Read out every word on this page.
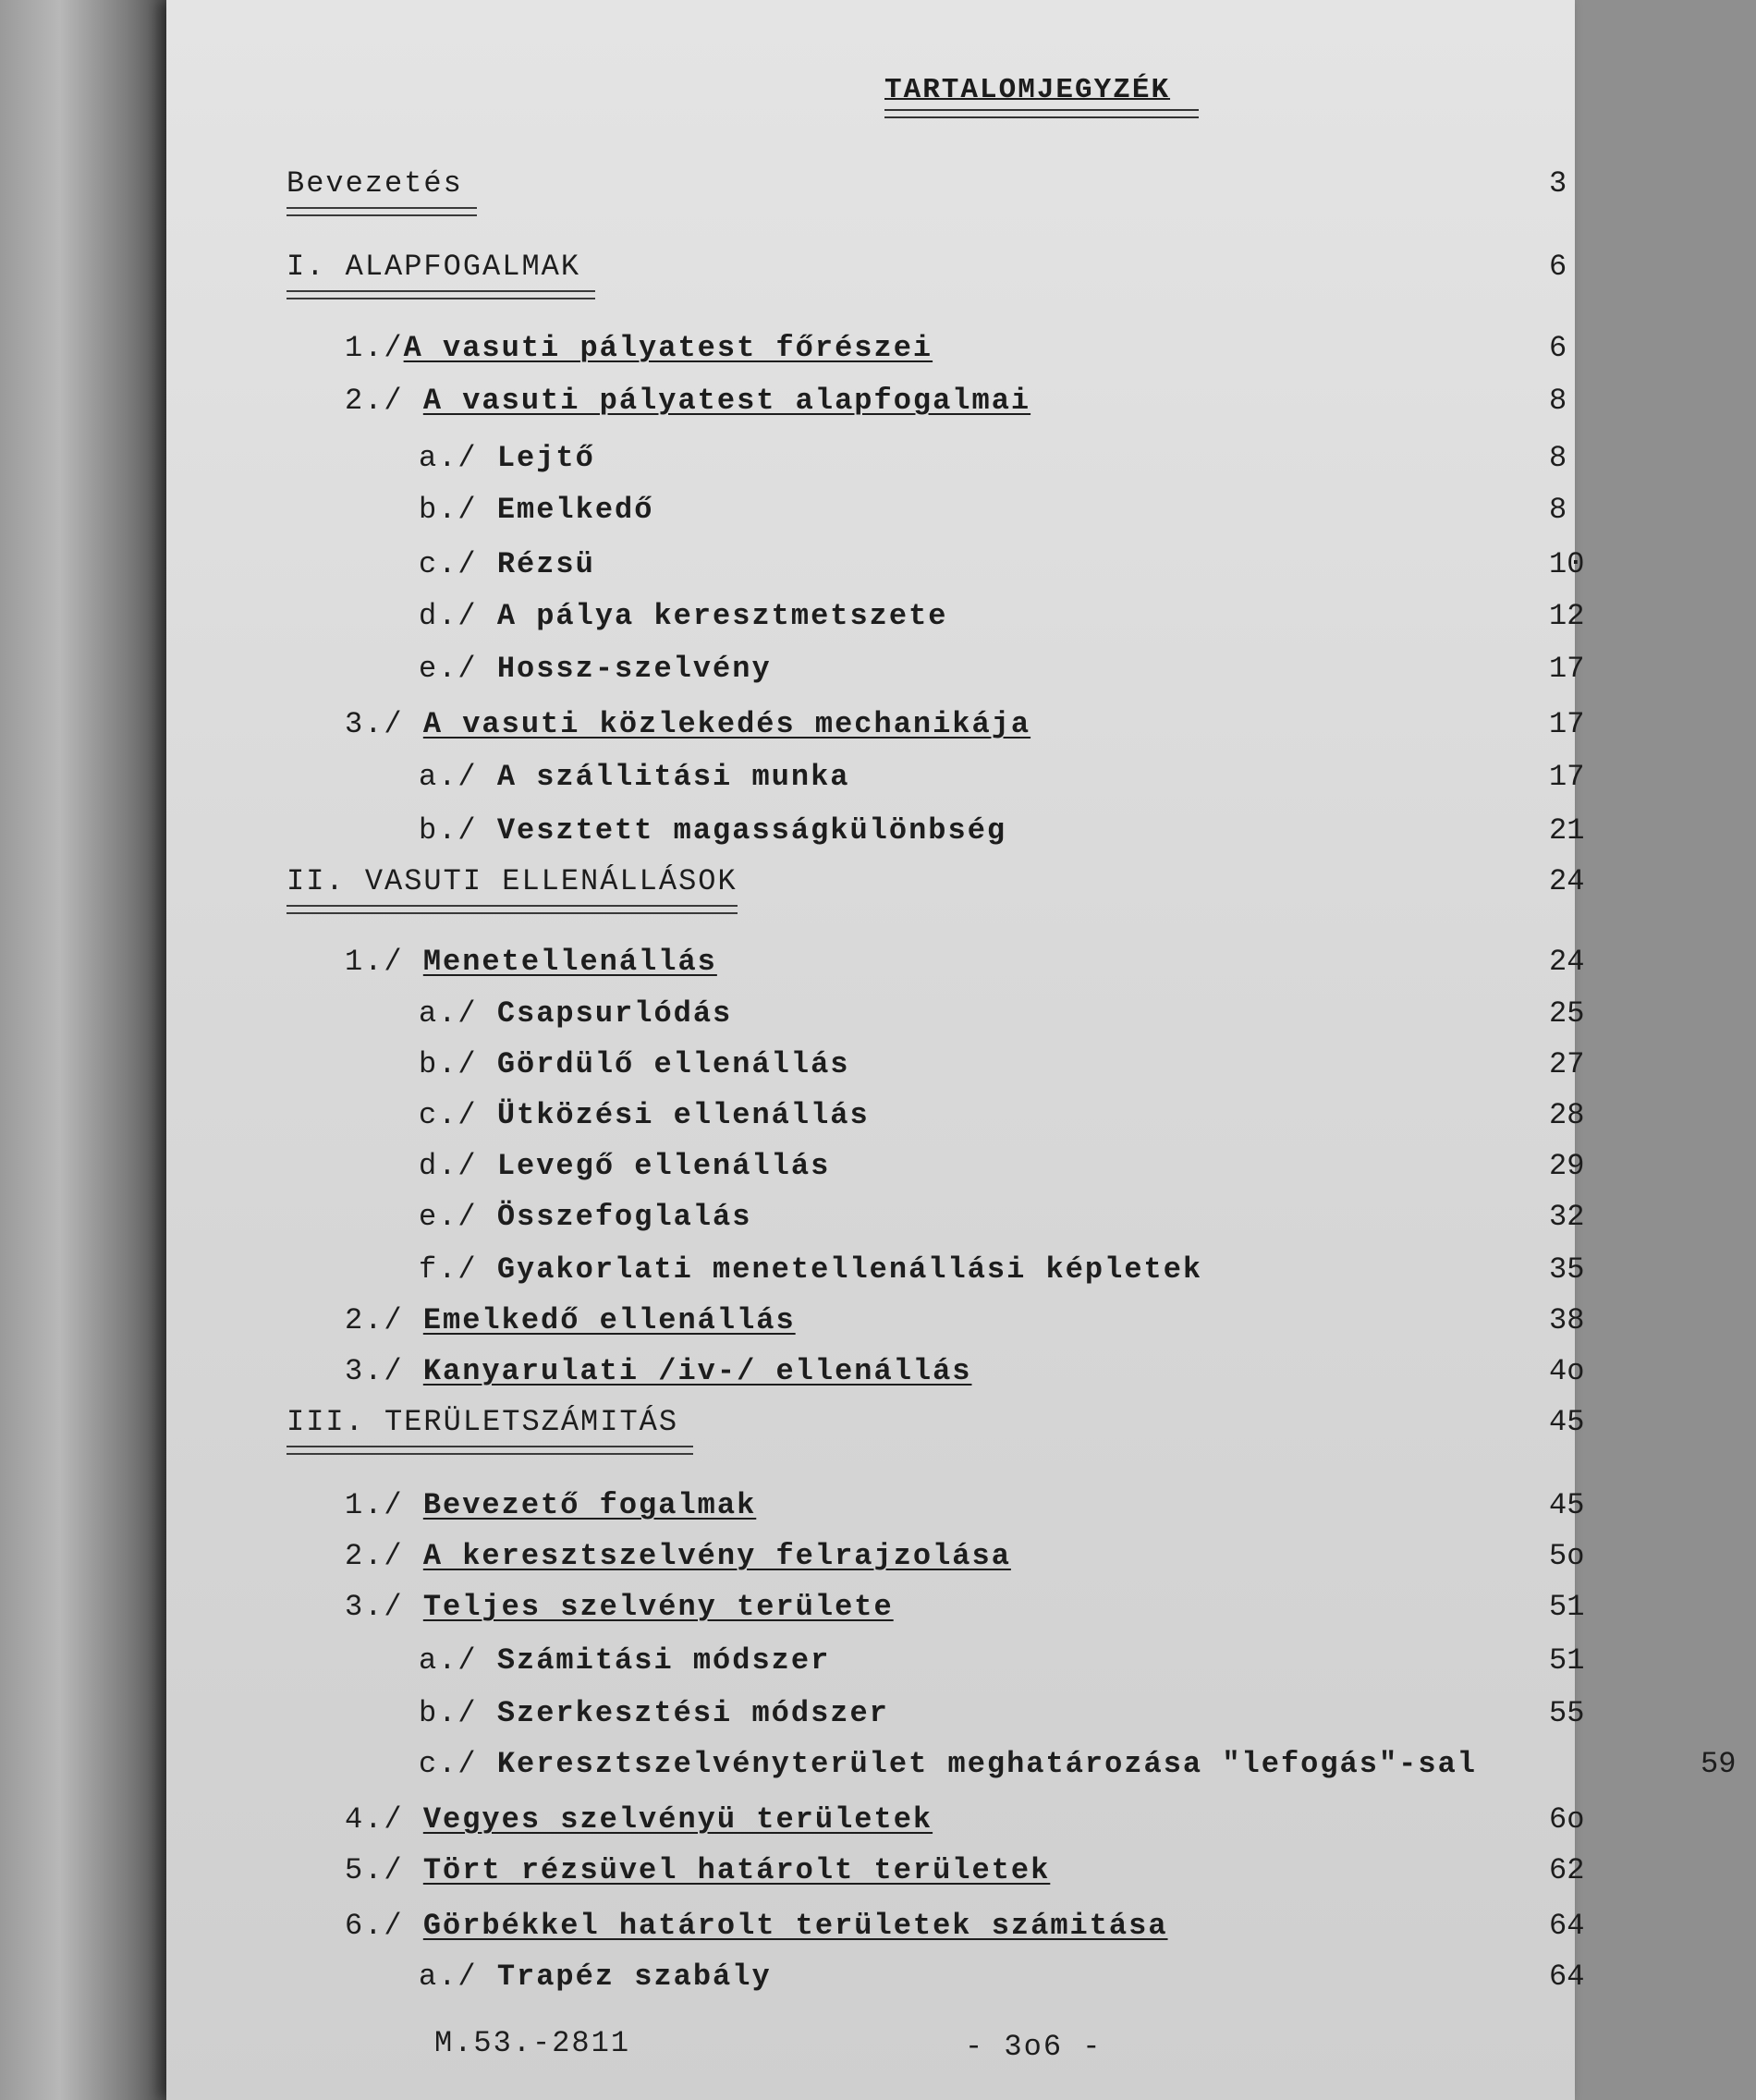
TARTALOMJEGYZÉK
Bevezetés	3
I. ALAPFOGALMAK	6
1./A vasuti pályatest főrészei	6
2./ A vasuti pályatest alapfogalmai	8
a./ Lejtő	8
b./ Emelkedő	8
c./ Rézsü	10
d./ A pálya keresztmetszete	12
e./ Hossz-szelvény	17
3./ A vasuti közlekedés mechanikája	17
a./ A szállitási munka	17
b./ Vesztett magasságkülönbség	21
II. VASUTI ELLENÁLLÁSOK	24
1./ Menetellenállás	24
a./ Csapsurlódás	25
b./ Gördülő ellenállás	27
c./ Ütközési ellenállás	28
d./ Levegő ellenállás	29
e./ Összefoglalás	32
f./ Gyakorlati menetellenállási képletek	35
2./ Emelkedő ellenállás	38
3./ Kanyarulati /iv-/ ellenállás	4o
III. TERÜLETSZÁMITÁS	45
1./ Bevezető fogalmak	45
2./ A keresztszelvény felrajzolása	5o
3./ Teljes szelvény területe	51
a./ Számitási módszer	51
b./ Szerkesztési módszer	55
c./ Keresztszelvényterület meghatározása "lefogás"-sal	59
4./ Vegyes szelvényü területek	6o
5./ Tört rézsüvel határolt területek	62
6./ Görbékkel határolt területek számitása	64
a./ Trapéz szabály	64
M.53.-2811	- 3o6 -
